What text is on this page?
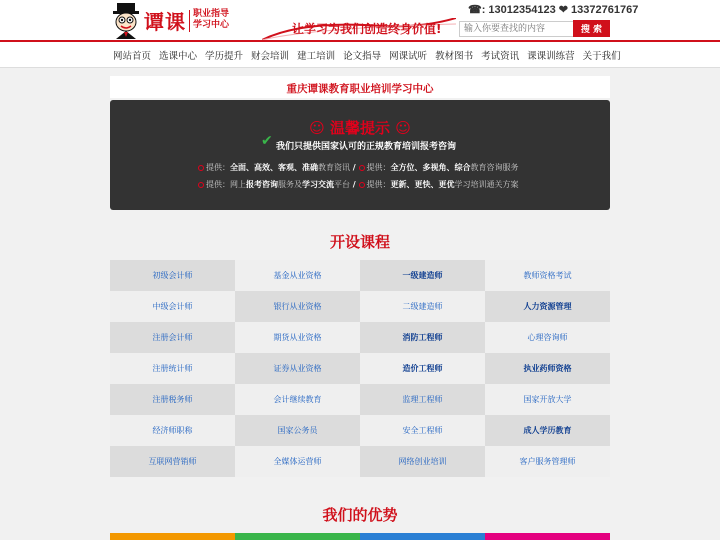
谭课 职业指导
学习中心	让学习为我们创造终身价值!
☎: 13012354123 ❤ 13372761767
输入你要查找的内容
搜 索
网站首页 选课中心 学历提升 财会培训 建工培训 论文指导 网课试听 教材图书 考试资讯 课课训练营 关于我们
重庆谭课教育职业培训学习中心
☺ 温馨提示 ☺
✔ 我们只提供国家认可的正规教育培训报考咨询
提供：全面、高效、客观、准确教育资讯 / 提供：全方位、多视角、综合教育咨询服务
提供：网上报考咨询服务及学习交流平台 / 提供：更新、更快、更优学习培训通关方案
开设课程
初级会计师	基金从业资格	一级建造师	教师资格考试
中级会计师	银行从业资格	二级建造师	人力资源管理
注册会计师	期货从业资格	消防工程师	心理咨询师
注册统计师	证券从业资格	造价工程师	执业药师资格
注册税务师	会计继续教育	监理工程师	国家开放大学
经济师职称	国家公务员	安全工程师	成人学历教育
互联网营销师	全媒体运营师	网络创业培训	客户服务管理师
我们的优势
